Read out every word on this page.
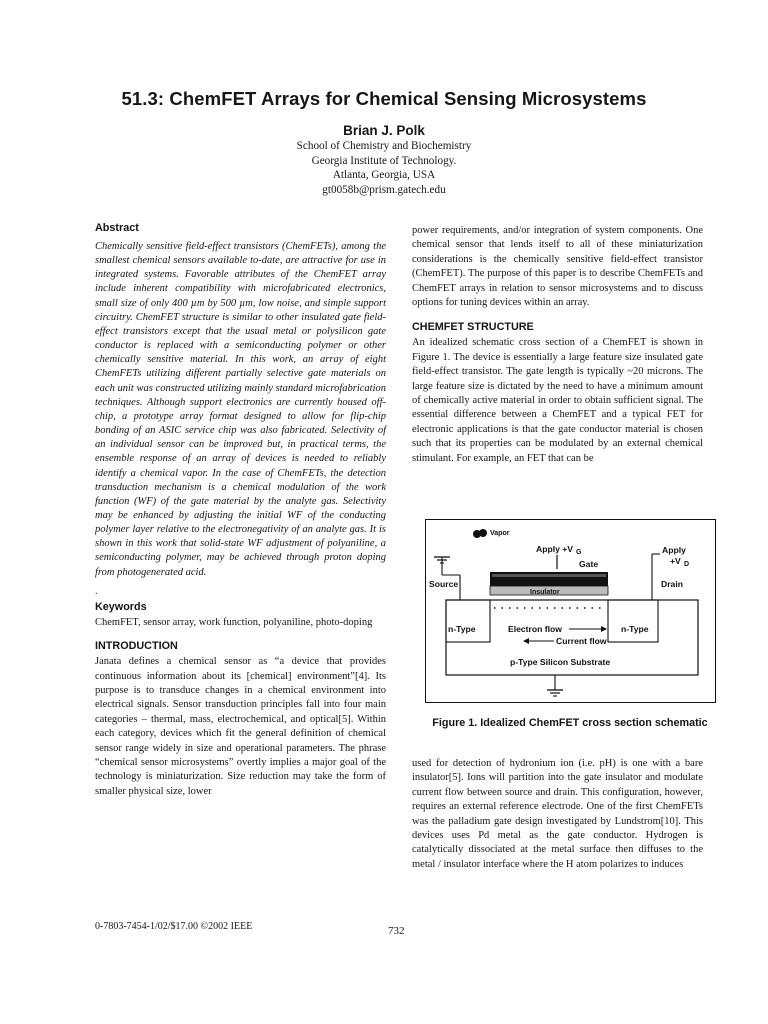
51.3: ChemFET Arrays for Chemical Sensing Microsystems
Brian J. Polk
School of Chemistry and Biochemistry
Georgia Institute of Technology.
Atlanta, Georgia, USA
gt0058b@prism.gatech.edu
Abstract

Chemically sensitive field-effect transistors (ChemFETs), among the smallest chemical sensors available to-date, are attractive for use in integrated systems. Favorable attributes of the ChemFET array include inherent compatibility with microfabricated electronics, small size of only 400 µm by 500 µm, low noise, and simple support circuitry. ChemFET structure is similar to other insulated gate field-effect transistors except that the usual metal or polysilicon gate conductor is replaced with a semiconducting polymer or other chemically sensitive material. In this work, an array of eight ChemFETs utilizing different partially selective gate materials on each unit was constructed utilizing mainly standard microfabrication techniques. Although support electronics are currently housed off-chip, a prototype array format designed to allow for flip-chip bonding of an ASIC service chip was also fabricated. Selectivity of an individual sensor can be improved but, in practical terms, the ensemble response of an array of devices is needed to reliably identify a chemical vapor. In the case of ChemFETs, the detection transduction mechanism is a chemical modulation of the work function (WF) of the gate material by the analyte gas. Selectivity may be enhanced by adjusting the initial WF of the conducting polymer layer relative to the electronegativity of an analyte gas. It is shown in this work that solid-state WF adjustment of polyaniline, a semiconducting polymer, may be achieved through proton doping from photogenerated acid.

.
Keywords

ChemFET, sensor array, work function, polyaniline, photo-doping

INTRODUCTION

Janata defines a chemical sensor as “a device that provides continuous information about its [chemical] environment”[4]. Its purpose is to transduce changes in a chemical environment into electrical signals. Sensor transduction principles fall into four main categories – thermal, mass, electrochemical, and optical[5]. Within each category, devices which fit the general definition of chemical sensor range widely in size and operational parameters. The phrase “chemical sensor microsystems” overtly implies a major goal of the technology is miniaturization. Size reduction may take the form of smaller physical size, lower

power requirements, and/or integration of system components. One chemical sensor that lends itself to all of these miniaturization considerations is the chemically sensitive field-effect transistor (ChemFET). The purpose of this paper is to describe ChemFETs and ChemFET arrays in relation to sensor microsystems and to discuss options for tuning devices within an array.

CHEMFET STRUCTURE

An idealized schematic cross section of a ChemFET is shown in Figure 1. The device is essentially a large feature size insulated gate field-effect transistor. The gate length is typically ~20 microns. The large feature size is dictated by the need to have a minimum amount of chemically active material in order to obtain sufficient signal. The essential difference between a ChemFET and a typical FET for electronic applications is that the gate conductor material is chosen such that its properties can be modulated by an external chemical stimulant. For example, an FET that can be

Vapor
Apply +V G
Gate
Insulator
Source
Apply
+V D
Drain
n-Type	n-Type
Electron flow
Current flow
p-Type Silicon Substrate
Figure 1. Idealized ChemFET cross section schematic

used for detection of hydronium ion (i.e. pH) is one with a bare insulator[5]. Ions will partition into the gate insulator and modulate current flow between source and drain. This configuration, however, requires an external reference electrode. One of the first ChemFETs was the palladium gate design investigated by Lundstrom[10]. This devices uses Pd metal as the gate conductor. Hydrogen is catalytically dissociated at the metal surface then diffuses to the metal / insulator interface where the H atom polarizes to induces

0-7803-7454-1/02/$17.00 ©2002 IEEE	732
